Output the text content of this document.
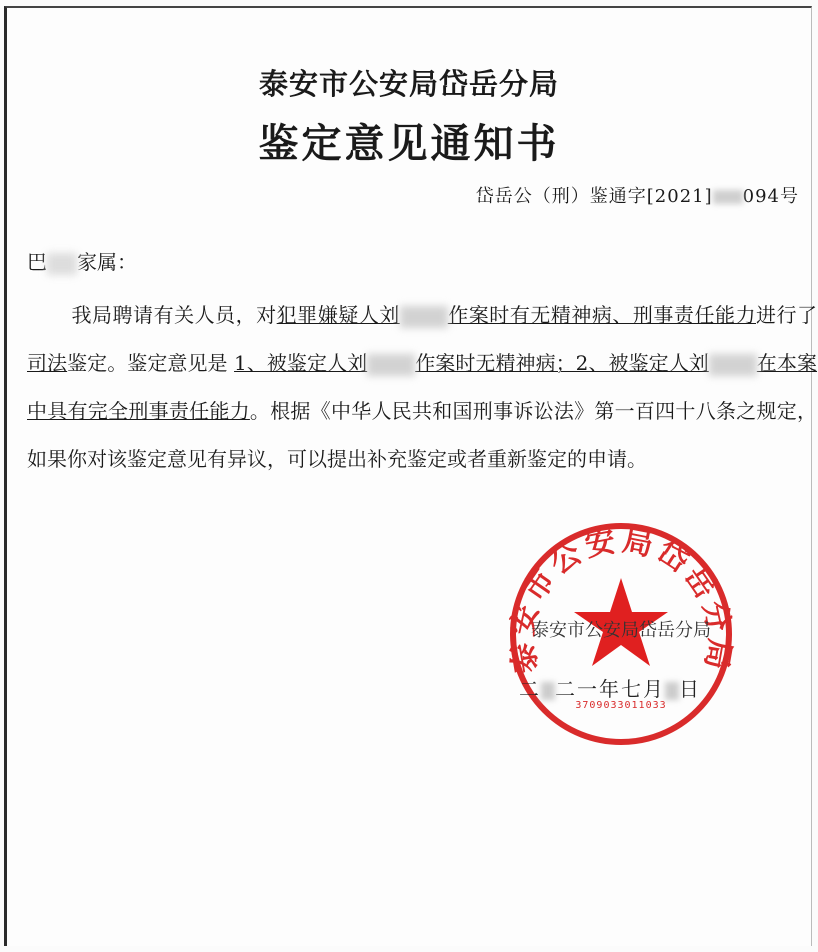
泰安市公安局岱岳分局
鉴定意见通知书
岱岳公（刑）鉴通字[2021] 094号
巴 家属：

我局聘请有关人员，对犯罪嫌疑人刘 作案时有无精神病、刑事责任能力进行了司法鉴定。鉴定意见是 1、被鉴定人刘 作案时无精神病；2、被鉴定人刘 在本案中具有完全刑事责任能力。根据《中华人民共和国刑事诉讼法》第一百四十八条之规定，如果你对该鉴定意见有异议，可以提出补充鉴定或者重新鉴定的申请。

泰安市公安局岱岳分局
泰安市公安局岱岳分局
3709033011033
二 二一年七月 日
